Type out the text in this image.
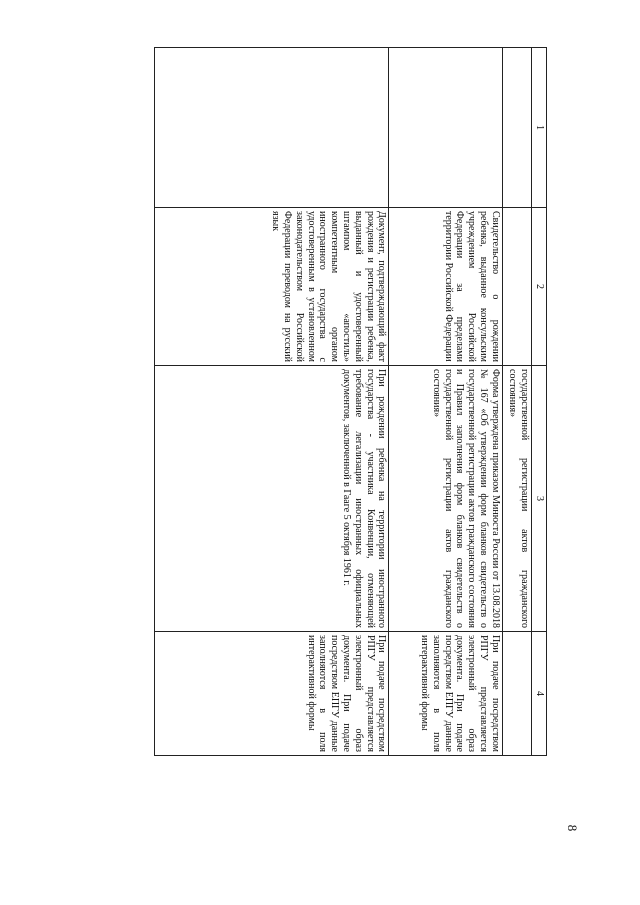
8
1	2	3	4
		государственной регистрации актов гражданского состояния»	
	Свидетельство о рождении ребенка, выданное консульским учреждением Российской Федерации за пределами территории Российской Федерации	Форма утверждена приказом Минюста России от 13.08.2018 № 167 «Об утверждении форм бланков свидетельств о государственной регистрации актов гражданского состояния и Правил заполнения форм бланков свидетельств о государственной регистрации актов гражданского состояния»	При подаче посредством РПГУ представляется электронный образ документа. При подаче посредством ЕПГУ данные заполняются в поля интерактивной формы
	Документ, подтверждающий факт рождения и регистрации ребенка, выданный и удостоверенный штампом «апостиль» компетентным органом иностранного государства с удостоверенным в установленном законодательством Российской Федерации переводом на русский язык	При рождении ребенка на территории иностранного государства - участника Конвенции, отменяющей требование легализации иностранных официальных документов, заключенной в Гааге 5 октября 1961 г.	При подаче посредством РПГУ представляется электронный образ документа. При подаче посредством ЕПГУ данные заполняются в поля интерактивной формы
